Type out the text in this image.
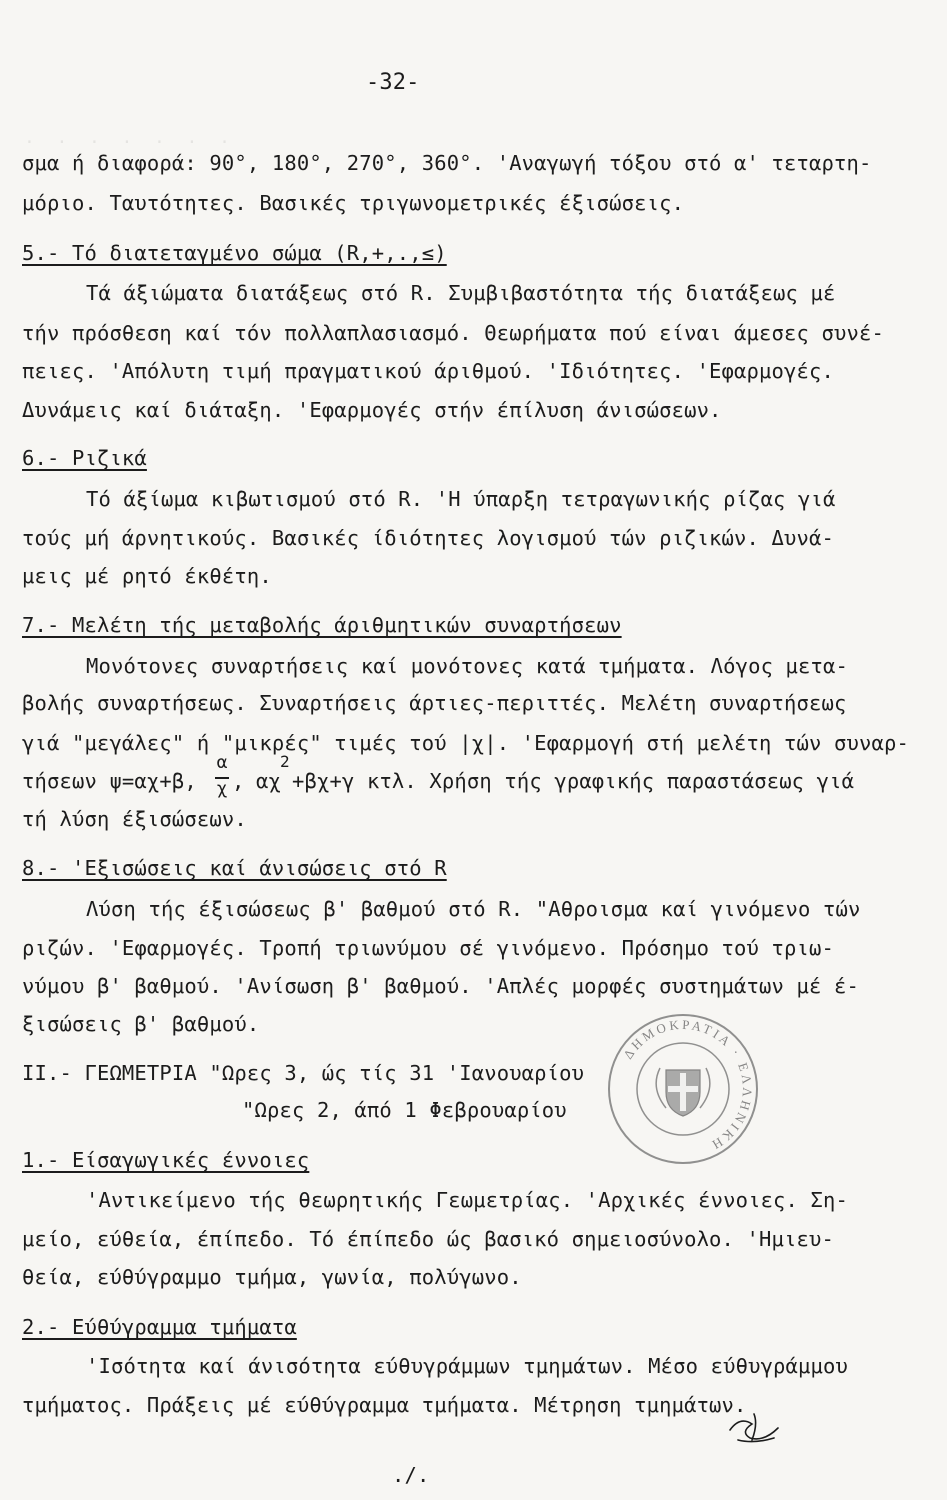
·  ·  ·  ·  ·  ·  ·
-32-
σμα ή διαφορά: 90°, 180°, 270°, 360°. 'Αναγωγή τόξου στό α' τεταρτη-
μόριο. Ταυτότητες. Βασικές τριγωνομετρικές έξισώσεις.
5.- Τό διατεταγμένο σώμα (R,+,.,≤)
Τά άξιώματα διατάξεως στό R. Συμβιβαστότητα τής διατάξεως μέ
τήν πρόσθεση καί τόν πολλαπλασιασμό. Θεωρήματα πού είναι άμεσες συνέ-
πειες. 'Απόλυτη τιμή πραγματικού άριθμού. 'Ιδιότητες. 'Εφαρμογές.
Δυνάμεις καί διάταξη. 'Εφαρμογές στήν έπίλυση άνισώσεων.
6.- Ριζικά
Τό άξίωμα κιβωτισμού στό R. 'Η ύπαρξη τετραγωνικής ρίζας γιά
τούς μή άρνητικούς. Βασικές ίδιότητες λογισμού τών ριζικών. Δυνά-
μεις μέ ρητό έκθέτη.
7.- Μελέτη τής μεταβολής άριθμητικών συναρτήσεων
Μονότονες συναρτήσεις καί μονότονες κατά τμήματα. Λόγος μετα-
βολής συναρτήσεως. Συναρτήσεις άρτιες-περιττές. Μελέτη συναρτήσεως
γιά "μεγάλες" ή "μικρές" τιμές τού |χ|. 'Εφαρμογή στή μελέτη τών συναρ-
τήσεων ψ=αχ+β,
α
χ , αχ
2
+βχ+γ κτλ. Χρήση τής γραφικής παραστάσεως γιά
τή λύση έξισώσεων.
8.- 'Εξισώσεις καί άνισώσεις στό R
Λύση τής έξισώσεως β' βαθμού στό R. "Αθροισμα καί γινόμενο τών
ριζών. 'Εφαρμογές. Τροπή τριωνύμου σέ γινόμενο. Πρόσημο τού τριω-
νύμου β' βαθμού. 'Ανίσωση β' βαθμού. 'Απλές μορφές συστημάτων μέ έ-
ξισώσεις β' βαθμού.
ΙΙ.- ΓΕΩΜΕΤΡΙΑ "Ωρες 3, ώς τίς 31 'Ιανουαρίου
"Ωρες 2, άπό 1 Φεβρουαρίου
1.- Είσαγωγικές έννοιες
'Αντικείμενο τής θεωρητικής Γεωμετρίας. 'Αρχικές έννοιες. Ση-
μείο, εύθεία, έπίπεδο. Τό έπίπεδο ώς βασικό σημειοσύνολο. 'Ημιευ-
θεία, εύθύγραμμο τμήμα, γωνία, πολύγωνο.
2.- Εύθύγραμμα τμήματα
'Ισότητα καί άνισότητα εύθυγράμμων τμημάτων. Μέσο εύθυγράμμου
τμήματος. Πράξεις μέ εύθύγραμμα τμήματα. Μέτρηση τμημάτων.
./.
ΔΗΜΟΚΡΑΤΙΑ · ΕΛΛΗΝΙΚΗ
